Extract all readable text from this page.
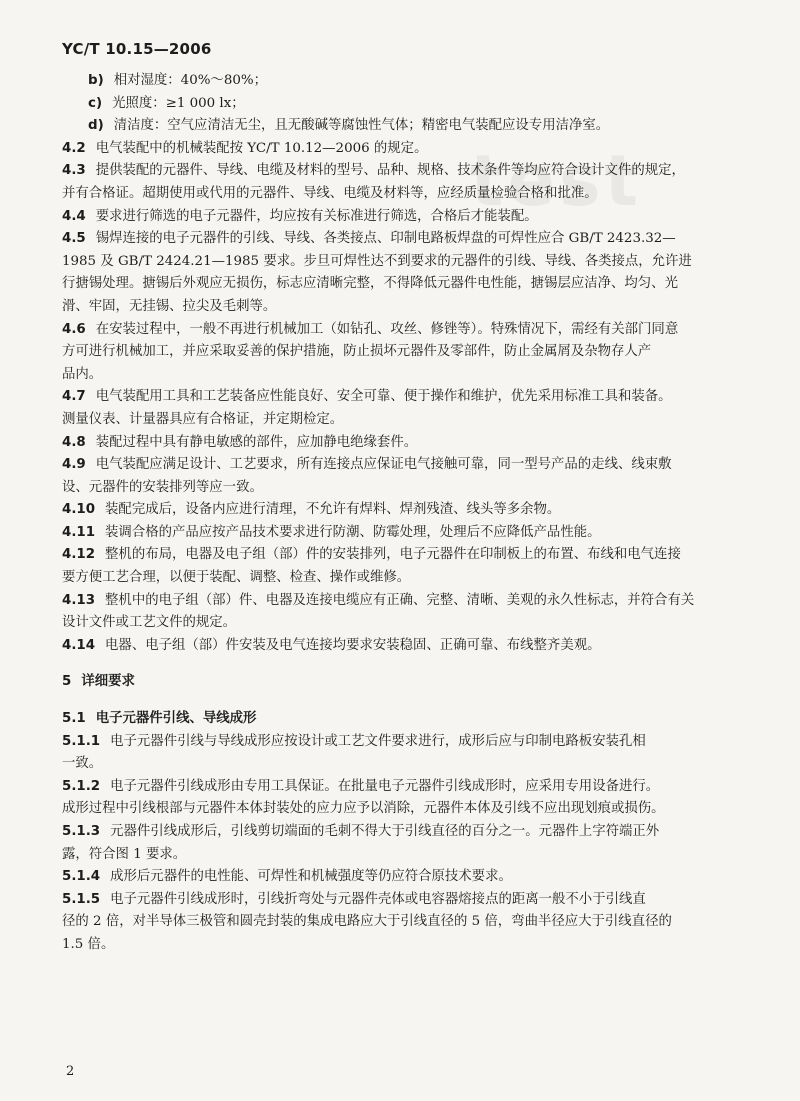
test
YC/T 10.15—2006
b) 相对湿度：40%～80%；
c) 光照度：≥1 000 lx；
d) 清洁度：空气应清洁无尘，且无酸碱等腐蚀性气体；精密电气装配应设专用洁净室。
4.2 电气装配中的机械装配按 YC/T 10.12—2006 的规定。
4.3 提供装配的元器件、导线、电缆及材料的型号、品种、规格、技术条件等均应符合设计文件的规定，
并有合格证。超期使用或代用的元器件、导线、电缆及材料等，应经质量检验合格和批准。
4.4 要求进行筛选的电子元器件，均应按有关标准进行筛选，合格后才能装配。
4.5 锡焊连接的电子元器件的引线、导线、各类接点、印制电路板焊盘的可焊性应合 GB/T 2423.32—
1985 及 GB/T 2424.21—1985 要求。步旦可焊性达不到要求的元器件的引线、导线、各类接点，允许进
行搪锡处理。搪锡后外观应无损伤，标志应清晰完整，不得降低元器件电性能，搪锡层应洁净、均匀、光
滑、牢固，无挂锡、拉尖及毛刺等。
4.6 在安装过程中，一般不再进行机械加工（如钻孔、攻丝、修锉等）。特殊情况下，需经有关部门同意
方可进行机械加工，并应采取妥善的保护措施，防止损坏元器件及零部件，防止金属屑及杂物存人产
品内。
4.7 电气装配用工具和工艺装备应性能良好、安全可靠、便于操作和维护，优先采用标准工具和装备。
测量仪表、计量器具应有合格证，并定期检定。
4.8 装配过程中具有静电敏感的部件，应加静电绝缘套件。
4.9 电气装配应满足设计、工艺要求，所有连接点应保证电气接触可靠，同一型号产品的走线、线束敷
设、元器件的安装排列等应一致。
4.10 装配完成后，设备内应进行清理，不允许有焊料、焊剂残渣、线头等多余物。
4.11 装调合格的产品应按产品技术要求进行防潮、防霉处理，处理后不应降低产品性能。
4.12 整机的布局，电器及电子组（部）件的安装排列，电子元器件在印制板上的布置、布线和电气连接
要方便工艺合理，以便于装配、调整、检查、操作或维修。
4.13 整机中的电子组（部）件、电器及连接电缆应有正确、完整、清晰、美观的永久性标志，并符合有关
设计文件或工艺文件的规定。
4.14 电器、电子组（部）件安装及电气连接均要求安装稳固、正确可靠、布线整齐美观。
5 详细要求
5.1 电子元器件引线、导线成形
5.1.1 电子元器件引线与导线成形应按设计或工艺文件要求进行，成形后应与印制电路板安装孔相
一致。
5.1.2 电子元器件引线成形由专用工具保证。在批量电子元器件引线成形时，应采用专用设备进行。
成形过程中引线根部与元器件本体封装处的应力应予以消除，元器件本体及引线不应出现划痕或损伤。
5.1.3 元器件引线成形后，引线剪切端面的毛刺不得大于引线直径的百分之一。元器件上字符端正外
露，符合图 1 要求。
5.1.4 成形后元器件的电性能、可焊性和机械强度等仍应符合原技术要求。
5.1.5 电子元器件引线成形时，引线折弯处与元器件壳体或电容器熔接点的距离一般不小于引线直
径的 2 倍，对半导体三极管和圆壳封装的集成电路应大于引线直径的 5 倍，弯曲半径应大于引线直径的
1.5 倍。
2
